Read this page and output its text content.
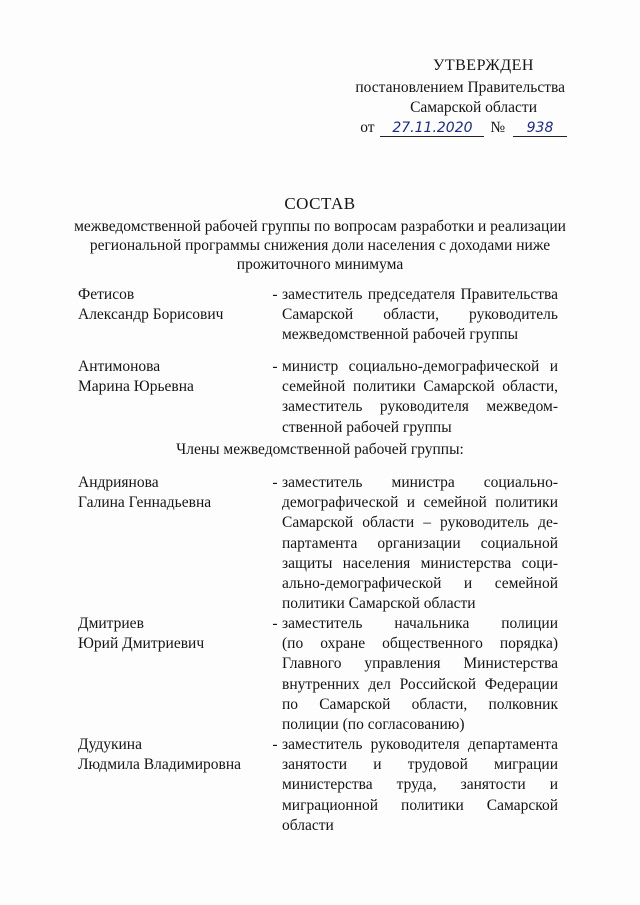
УТВЕРЖДЕН
постановлением Правительства
Самарской области
от 27.11.2020 № 938
СОСТАВ
межведомственной рабочей группы по вопросам разработки и реализации
региональной программы снижения доли населения с доходами ниже
прожиточного минимума
Фетисов
Александр Борисович
- заместитель председателя Правительства
Самарской области, руководитель
межведомственной рабочей группы
Антимонова
Марина Юрьевна
- министр социально-демографической и
семейной политики Самарской области,
заместитель руководителя межведом-
ственной рабочей группы
Члены межведомственной рабочей группы:
Андриянова
Галина Геннадьевна
- заместитель министра социально-
демографической и семейной политики
Самарской области – руководитель де-
партамента организации социальной
защиты населения министерства соци-
ально-демографической и семейной
политики Самарской области
Дмитриев
Юрий Дмитриевич
- заместитель начальника полиции
(по охране общественного порядка)
Главного управления Министерства
внутренних дел Российской Федерации
по Самарской области, полковник
полиции (по согласованию)
Дудукина
Людмила Владимировна
- заместитель руководителя департамента
занятости и трудовой миграции
министерства труда, занятости и
миграционной политики Самарской
области
